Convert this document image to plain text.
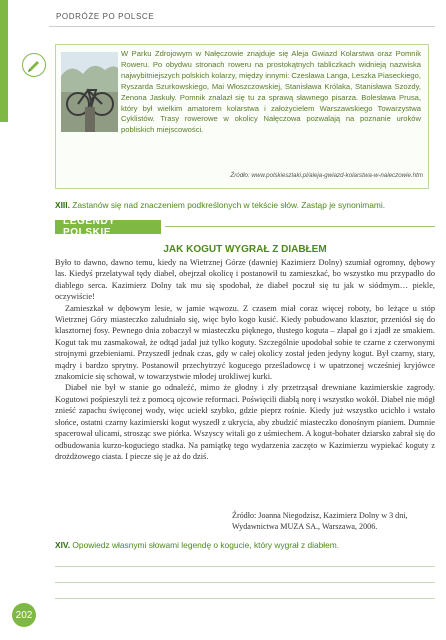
202
PODRÓŻE PO POLSCE
W Parku Zdrojowym w Nałęczowie znajduje się Aleja Gwiazd Kolarstwa oraz Pomnik Roweru. Po obydwu stronach roweru na prostokątnych tabliczkach widnieją nazwiska najwybitniejszych polskich kolarzy, między innymi: Czesława Langa, Leszka Piaseckiego, Ryszarda Szurkowskiego, Mai Włoszczowskiej, Stanisława Królaka, Stanisława Szozdy, Zenona Jaskuły. Pomnik znalazł się tu za sprawą sławnego pisarza. Bolesława Prusa, który był wielkim amatorem kolarstwa i założycielem Warszawskiego Towarzystwa Cyklistów. Trasy rowerowe w okolicy Nałęczowa pozwalają na poznanie uroków pobliskich miejscowości.
Źródło: www.polskieszlaki.pl/aleja-gwiazd-kolarstwa-w-naleczowie.htm
XIII. Zastanów się nad znaczeniem podkreślonych w tekście słów. Zastąp je synonimami.
LEGENDY POLSKIE
JAK KOGUT WYGRAŁ Z DIABŁEM

Było to dawno, dawno temu, kiedy na Wietrznej Górze (dawniej Kazimierz Dolny) szumiał ogromny, dębowy las. Kiedyś przelatywał tędy diabeł, obejrzał okolicę i postanowił tu zamieszkać, bo wszystko mu przypadło do diablego serca. Kazimierz Dolny tak mu się spodobał, że diabeł poczuł się tu jak w siódmym… piekle, oczywiście!

Zamieszkał w dębowym lesie, w jamie wąwozu. Z czasem miał coraz więcej roboty, bo leżące u stóp Wietrznej Góry miasteczko zaludniało się, więc było kogo kusić. Kiedy pobudowano klasztor, przeniósł się do klasztornej fosy. Pewnego dnia zobaczył w miasteczku pięknego, tłustego koguta – złapał go i zjadł ze smakiem. Kogut tak mu zasmakował, że odtąd jadał już tylko koguty. Szczególnie upodobał sobie te czarne z czerwonymi strojnymi grzebieniami. Przyszedł jednak czas, gdy w całej okolicy został jeden jedyny kogut. Był czarny, stary, mądry i bardzo sprytny. Postanowił przechytrzyć kogucego prześladowcę i w upatrzonej wcześniej kryjówce znakomicie się schował, w towarzystwie młodej urokliwej kurki.

Diabeł nie był w stanie go odnaleźć, mimo że głodny i zły przetrząsał drewniane kazimierskie zagrody. Kogutowi pośpieszyli też z pomocą ojcowie reformaci. Poświęcili diabłą norę i wszystko wokół. Diabeł nie mógł znieść zapachu święconej wody, więc uciekł szybko, gdzie pieprz rośnie. Kiedy już wszystko ucichło i wstało słońce, ostatni czarny kazimierski kogut wyszedł z ukrycia, aby zbudzić miasteczko donośnym pianiem. Dumnie spacerował ulicami, strosząc swe piórka. Wszyscy witali go z uśmiechem. A kogut-bohater dziarsko zabrał się do odbudowania kurzo-koguciego stadka. Na pamiątkę tego wydarzenia zaczęto w Kazimierzu wypiekać koguty z drożdżowego ciasta. I piecze się je aż do dziś.

Źródło: Joanna Niegodzisz, Kazimierz Dolny w 3 dni,
Wydawnictwa MUZA SA., Warszawa, 2006.
XIV. Opowiedz własnymi słowami legendę o kogucie, który wygrał z diabłem.
